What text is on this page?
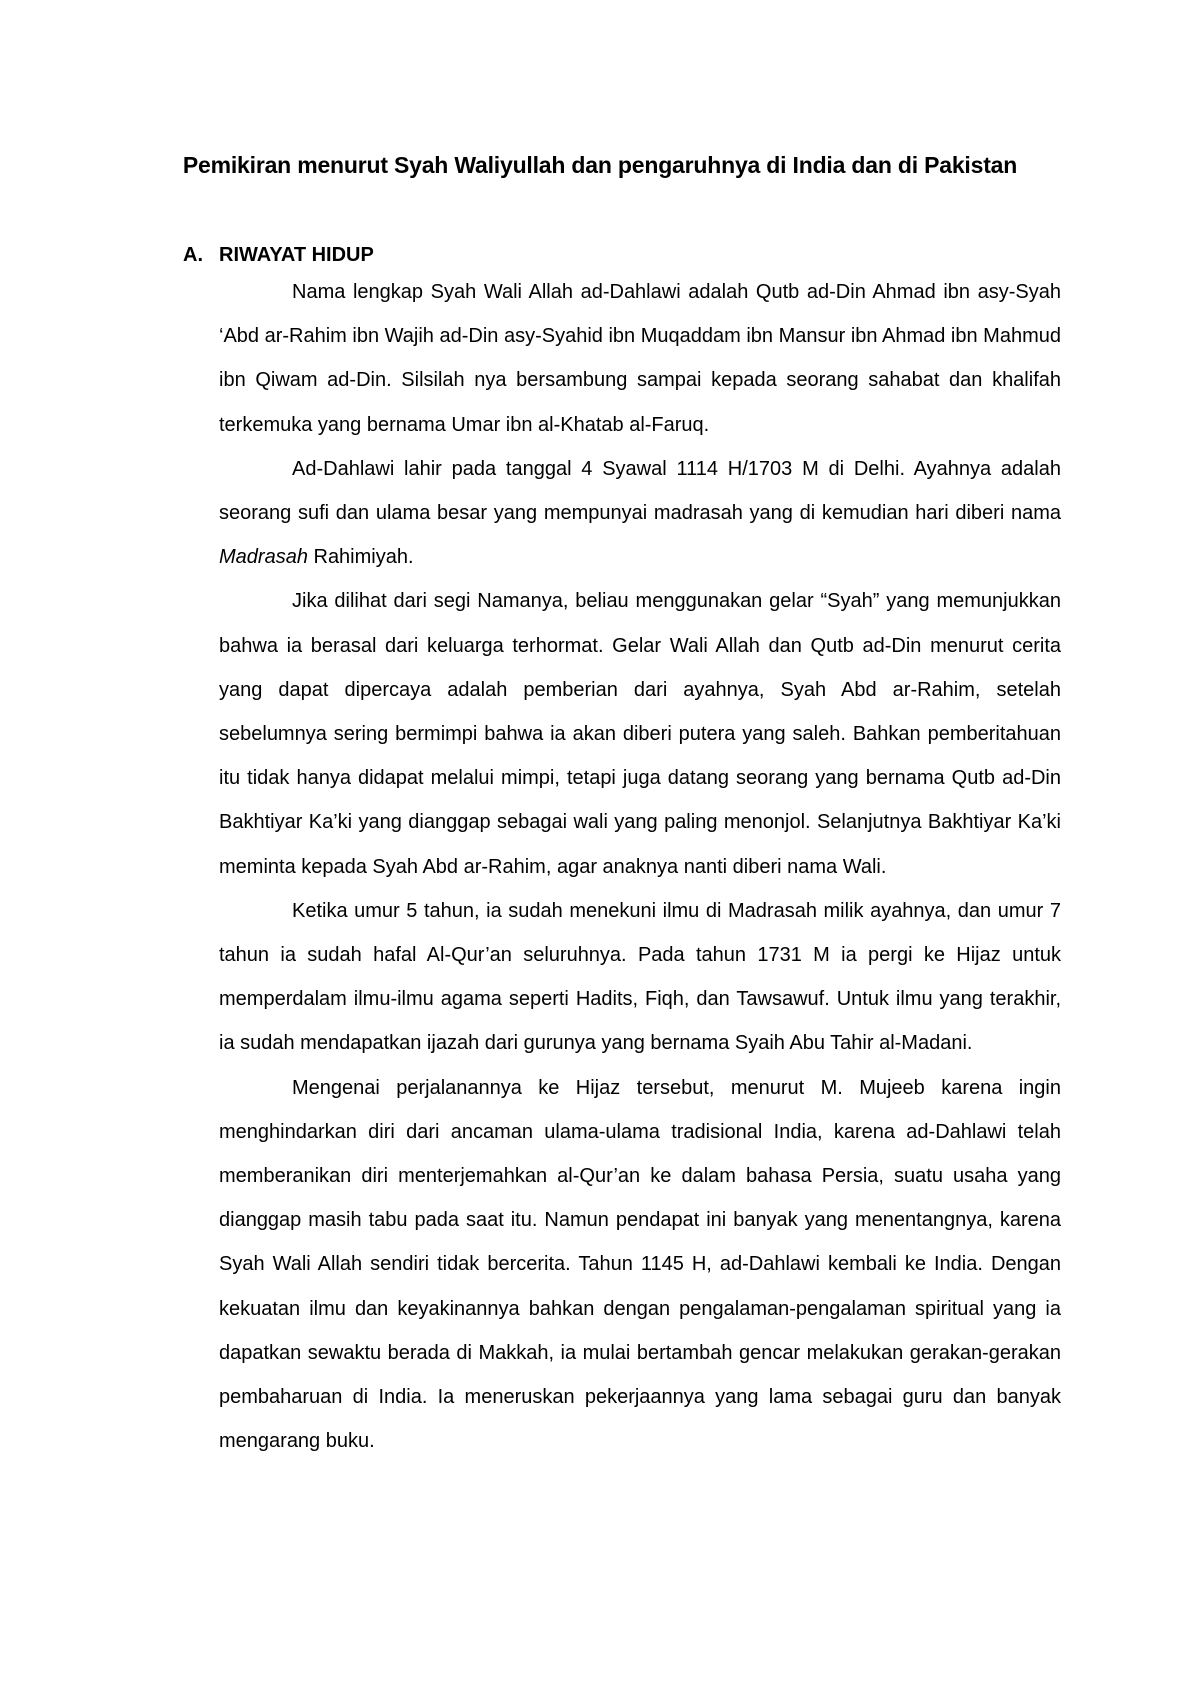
Pemikiran menurut Syah Waliyullah dan pengaruhnya di India dan di Pakistan
A. RIWAYAT HIDUP

Nama lengkap Syah Wali Allah ad-Dahlawi adalah Qutb ad-Din Ahmad ibn asy-Syah ‘Abd ar-Rahim ibn Wajih ad-Din asy-Syahid ibn Muqaddam ibn Mansur ibn Ahmad ibn Mahmud ibn Qiwam ad-Din. Silsilah nya bersambung sampai kepada seorang sahabat dan khalifah terkemuka yang bernama Umar ibn al-Khatab al-Faruq.

Ad-Dahlawi lahir pada tanggal 4 Syawal 1114 H/1703 M di Delhi. Ayahnya adalah seorang sufi dan ulama besar yang mempunyai madrasah yang di kemudian hari diberi nama Madrasah Rahimiyah.

Jika dilihat dari segi Namanya, beliau menggunakan gelar “Syah” yang memunjukkan bahwa ia berasal dari keluarga terhormat. Gelar Wali Allah dan Qutb ad-Din menurut cerita yang dapat dipercaya adalah pemberian dari ayahnya, Syah Abd ar-Rahim, setelah sebelumnya sering bermimpi bahwa ia akan diberi putera yang saleh. Bahkan pemberitahuan itu tidak hanya didapat melalui mimpi, tetapi juga datang seorang yang bernama Qutb ad-Din Bakhtiyar Ka’ki yang dianggap sebagai wali yang paling menonjol. Selanjutnya Bakhtiyar Ka’ki meminta kepada Syah Abd ar-Rahim, agar anaknya nanti diberi nama Wali.

Ketika umur 5 tahun, ia sudah menekuni ilmu di Madrasah milik ayahnya, dan umur 7 tahun ia sudah hafal Al-Qur’an seluruhnya. Pada tahun 1731 M ia pergi ke Hijaz untuk memperdalam ilmu-ilmu agama seperti Hadits, Fiqh, dan Tawsawuf. Untuk ilmu yang terakhir, ia sudah mendapatkan ijazah dari gurunya yang bernama Syaih Abu Tahir al-Madani.

Mengenai perjalanannya ke Hijaz tersebut, menurut M. Mujeeb karena ingin menghindarkan diri dari ancaman ulama-ulama tradisional India, karena ad-Dahlawi telah memberanikan diri menterjemahkan al-Qur’an ke dalam bahasa Persia, suatu usaha yang dianggap masih tabu pada saat itu. Namun pendapat ini banyak yang menentangnya, karena Syah Wali Allah sendiri tidak bercerita. Tahun 1145 H, ad-Dahlawi kembali ke India. Dengan kekuatan ilmu dan keyakinannya bahkan dengan pengalaman-pengalaman spiritual yang ia dapatkan sewaktu berada di Makkah, ia mulai bertambah gencar melakukan gerakan-gerakan pembaharuan di India. Ia meneruskan pekerjaannya yang lama sebagai guru dan banyak mengarang buku.
